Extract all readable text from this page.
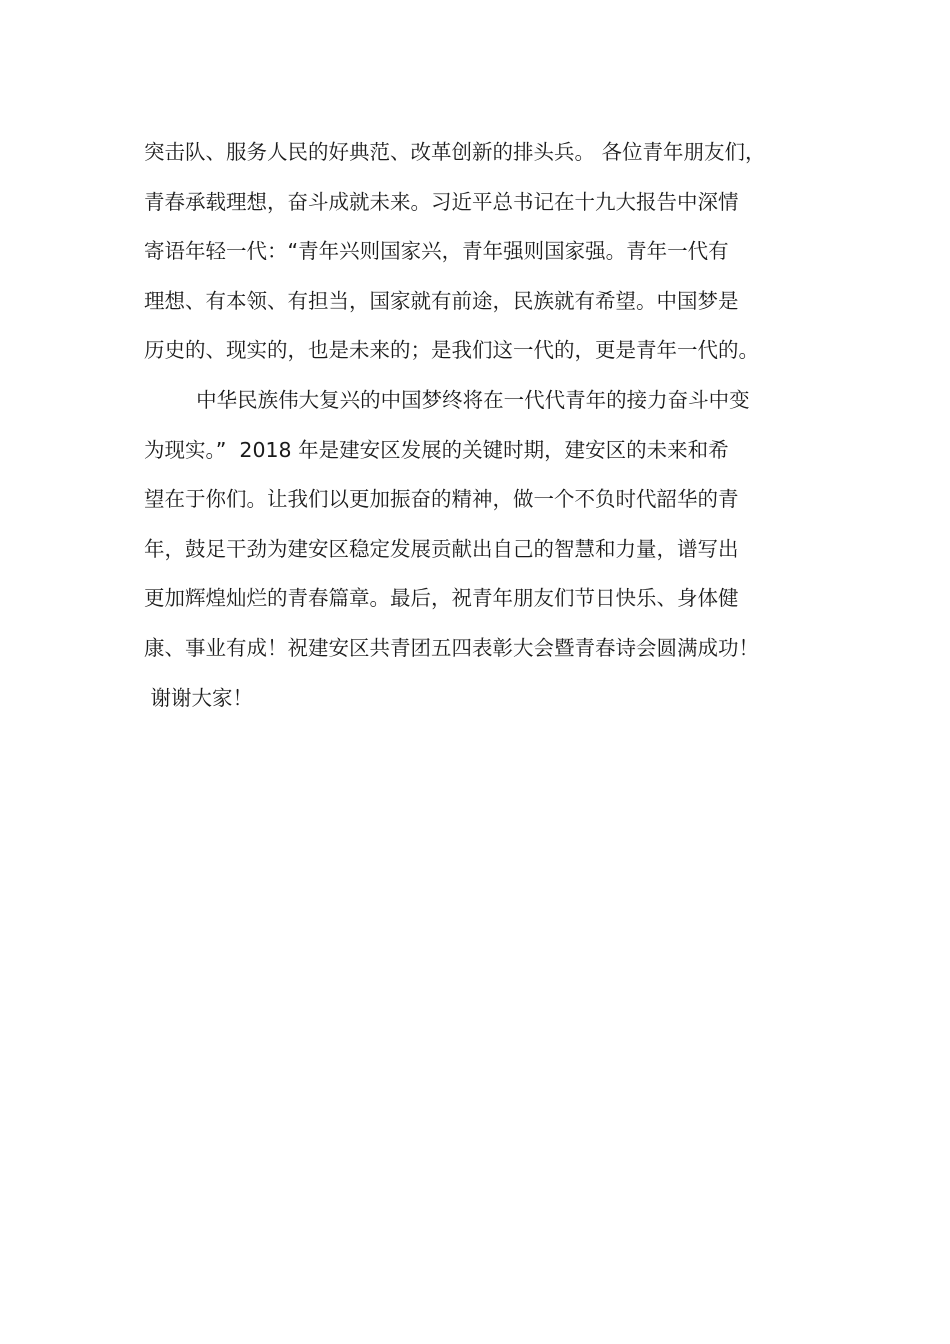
突击队、服务人民的好典范、改革创新的排头兵。 各位青年朋友们，
青春承载理想，奋斗成就未来。习近平总书记在十九大报告中深情
寄语年轻一代：“青年兴则国家兴，青年强则国家强。青年一代有
理想、有本领、有担当，国家就有前途，民族就有希望。中国梦是
历史的、现实的，也是未来的；是我们这一代的，更是青年一代的。
中华民族伟大复兴的中国梦终将在一代代青年的接力奋斗中变
为现实。”  2018 年是建安区发展的关键时期，建安区的未来和希
望在于你们。让我们以更加振奋的精神，做一个不负时代韶华的青
年，鼓足干劲为建安区稳定发展贡献出自己的智慧和力量，谱写出
更加辉煌灿烂的青春篇章。最后，祝青年朋友们节日快乐、身体健
康、事业有成！祝建安区共青团五四表彰大会暨青春诗会圆满成功！
谢谢大家！
